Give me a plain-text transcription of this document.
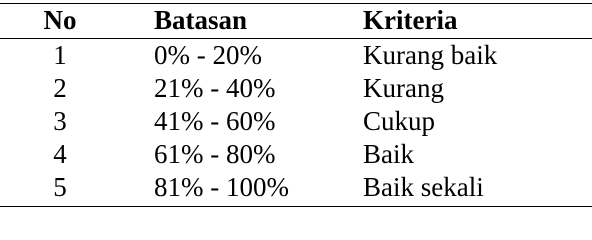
No	Batasan	Kriteria
1	0% - 20%	Kurang baik
2	21% - 40%	Kurang
3	41% - 60%	Cukup
4	61% - 80%	Baik
5	81% - 100%	Baik sekali
